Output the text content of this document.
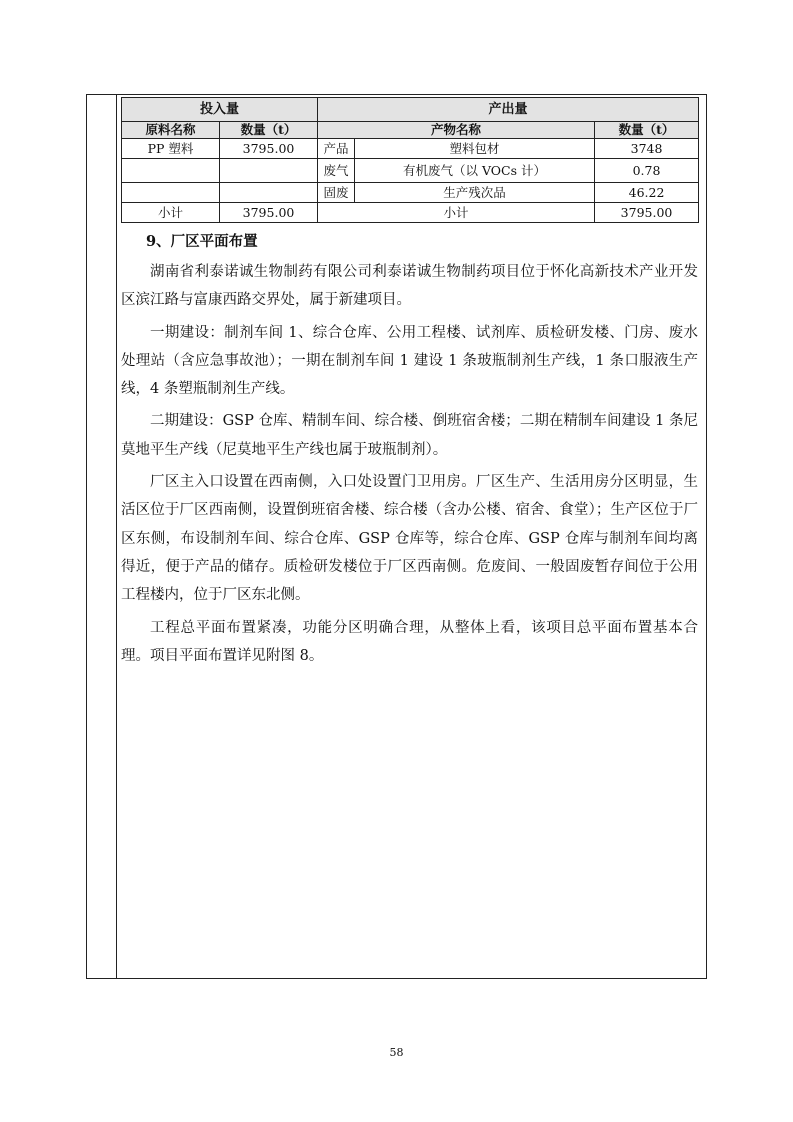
投入量		产出量		
原料名称	数量（t）	产物名称		数量（t）
PP 塑料	3795.00	产品	塑料包材	3748
		废气	有机废气（以 VOCs 计）	0.78
		固废	生产残次品	46.22
小计	3795.00	小计		3795.00
9、厂区平面布置

湖南省利泰诺诚生物制药有限公司利泰诺诚生物制药项目位于怀化高新技术产业开发区滨江路与富康西路交界处，属于新建项目。

一期建设：制剂车间 1、综合仓库、公用工程楼、试剂库、质检研发楼、门房、废水处理站（含应急事故池）；一期在制剂车间 1 建设 1 条玻瓶制剂生产线，1 条口服液生产线，4 条塑瓶制剂生产线。

二期建设：GSP 仓库、精制车间、综合楼、倒班宿舍楼；二期在精制车间建设 1 条尼莫地平生产线（尼莫地平生产线也属于玻瓶制剂）。

厂区主入口设置在西南侧，入口处设置门卫用房。厂区生产、生活用房分区明显，生活区位于厂区西南侧，设置倒班宿舍楼、综合楼（含办公楼、宿舍、食堂）；生产区位于厂区东侧，布设制剂车间、综合仓库、GSP 仓库等，综合仓库、GSP 仓库与制剂车间均离得近，便于产品的储存。质检研发楼位于厂区西南侧。危废间、一般固废暂存间位于公用工程楼内，位于厂区东北侧。

工程总平面布置紧凑，功能分区明确合理，从整体上看，该项目总平面布置基本合理。项目平面布置详见附图 8。

58
